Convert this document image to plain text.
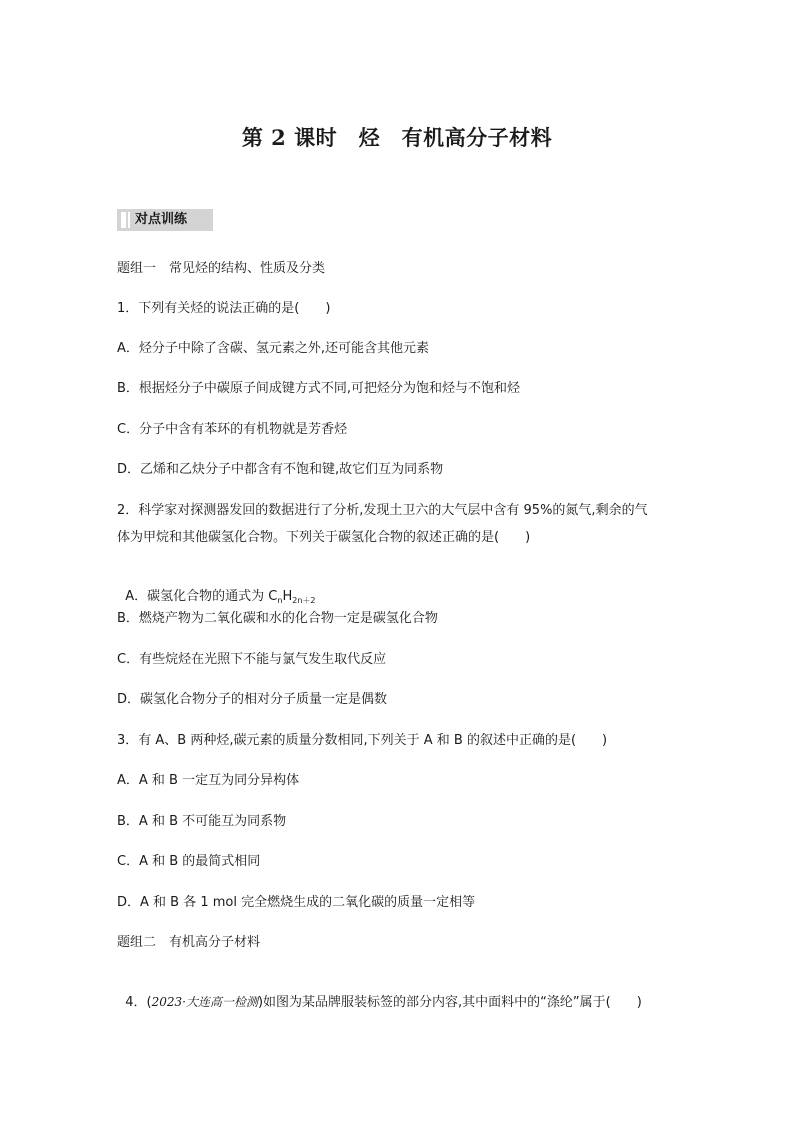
第 2 课时　烃　有机高分子材料
对点训练
题组一　常见烃的结构、性质及分类
1．下列有关烃的说法正确的是(　　)
A．烃分子中除了含碳、氢元素之外,还可能含其他元素
B．根据烃分子中碳原子间成键方式不同,可把烃分为饱和烃与不饱和烃
C．分子中含有苯环的有机物就是芳香烃
D．乙烯和乙炔分子中都含有不饱和键,故它们互为同系物
2．科学家对探测器发回的数据进行了分析,发现土卫六的大气层中含有 95%的氮气,剩余的气
体为甲烷和其他碳氢化合物。下列关于碳氢化合物的叙述正确的是(　　)

A．碳氢化合物的通式为 $C_nH_{2n+2}$

B．燃烧产物为二氧化碳和水的化合物一定是碳氢化合物
C．有些烷烃在光照下不能与氯气发生取代反应
D．碳氢化合物分子的相对分子质量一定是偶数
3．有 A、B 两种烃,碳元素的质量分数相同,下列关于 A 和 B 的叙述中正确的是(　　)
A．A 和 B 一定互为同分异构体
B．A 和 B 不可能互为同系物
C．A 和 B 的最简式相同
D．A 和 B 各 1 mol 完全燃烧生成的二氧化碳的质量一定相等
题组二　有机高分子材料

4．(2023·大连高一检测)如图为某品牌服装标签的部分内容,其中面料中的“涤纶”属于(　　)
